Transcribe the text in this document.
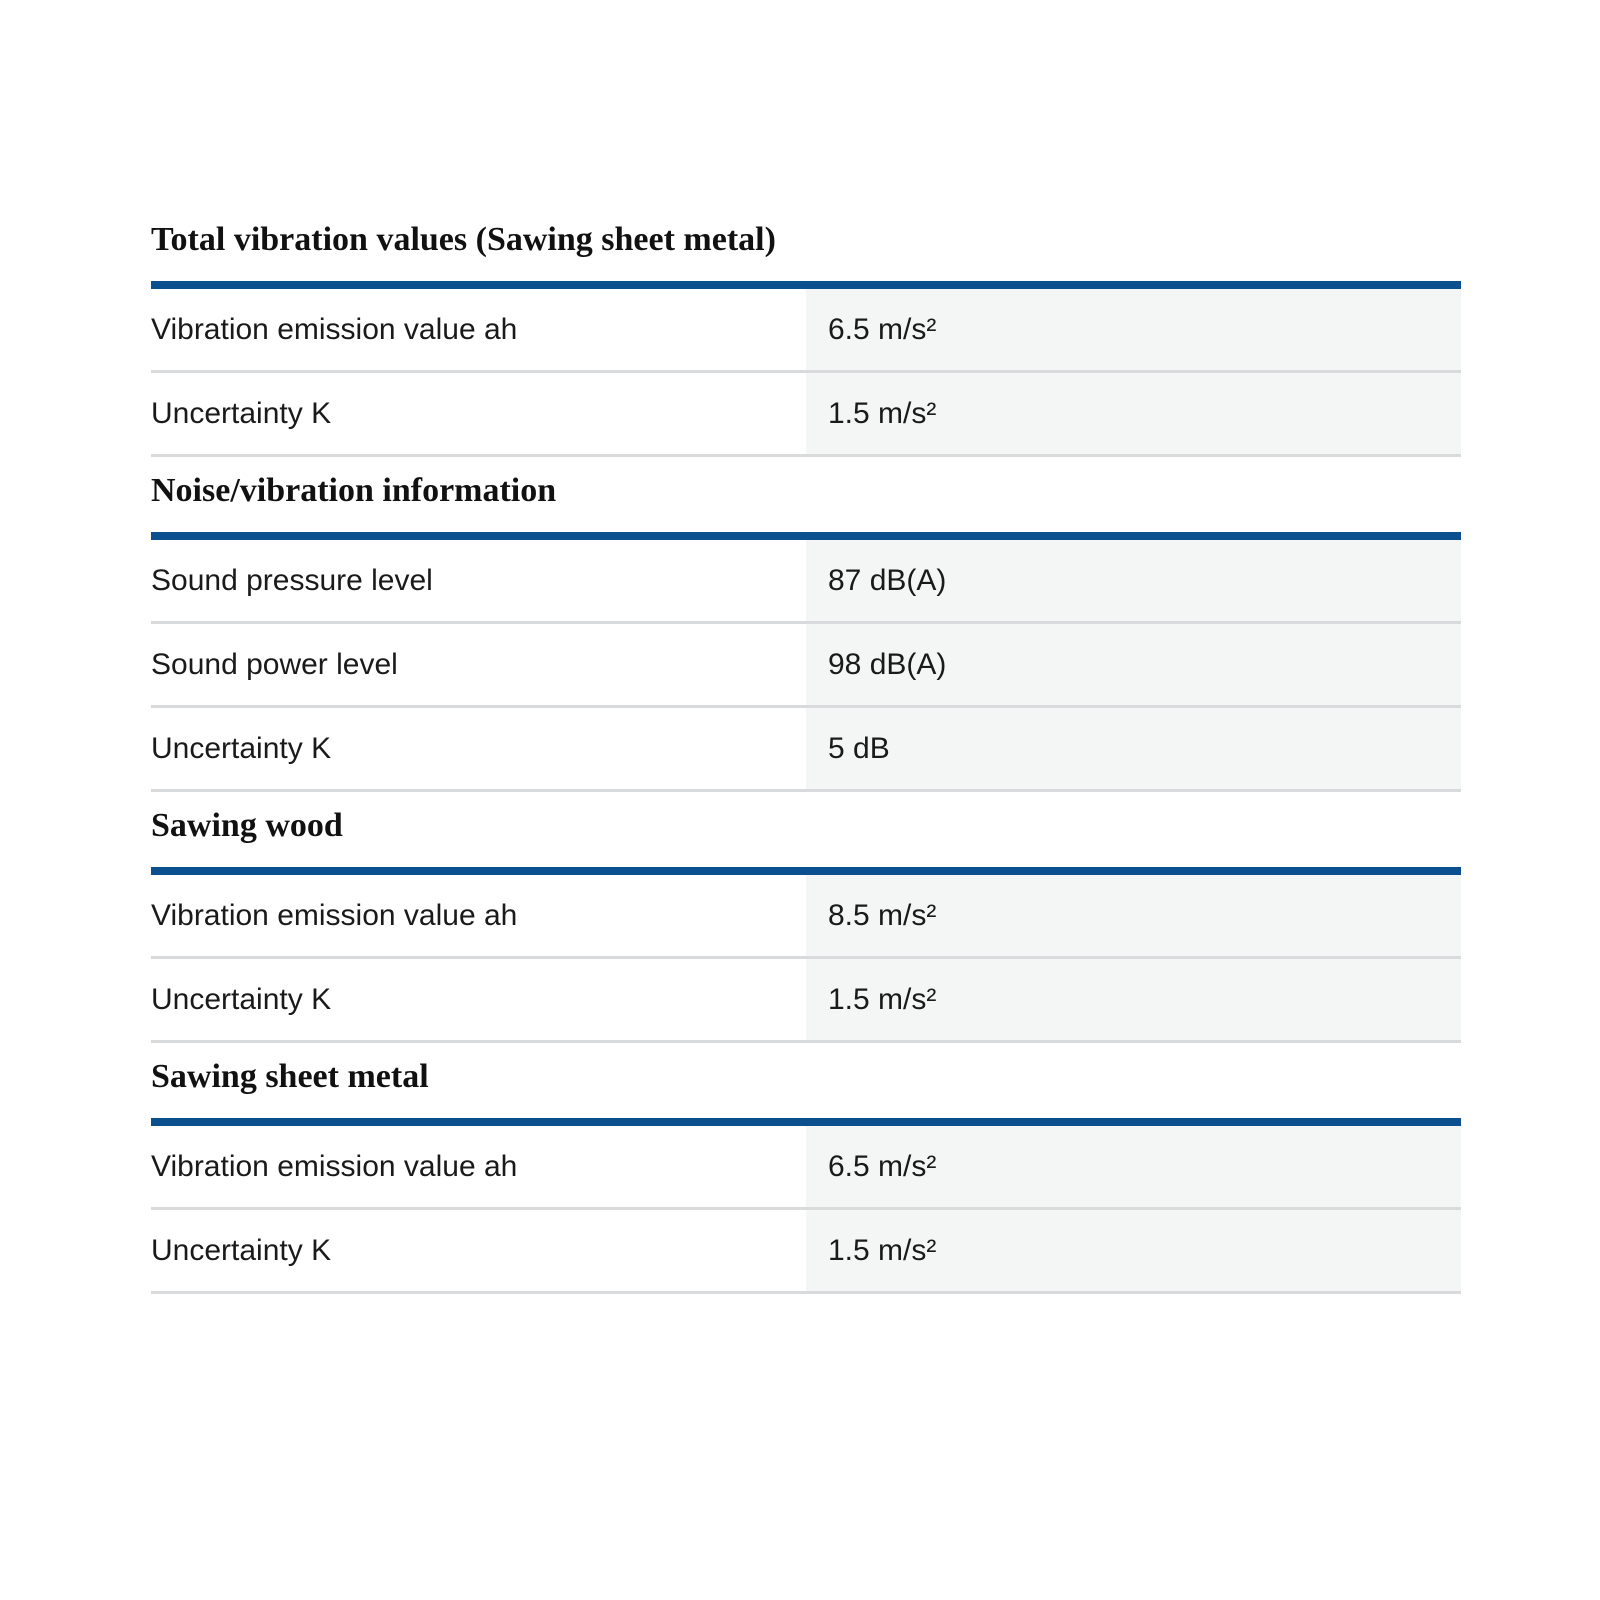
Total vibration values (Sawing sheet metal)
Vibration emission value ah	6.5 m/s²
Uncertainty K	1.5 m/s²
Noise/vibration information
Sound pressure level	87 dB(A)
Sound power level	98 dB(A)
Uncertainty K	5 dB
Sawing wood
Vibration emission value ah	8.5 m/s²
Uncertainty K	1.5 m/s²
Sawing sheet metal
Vibration emission value ah	6.5 m/s²
Uncertainty K	1.5 m/s²
